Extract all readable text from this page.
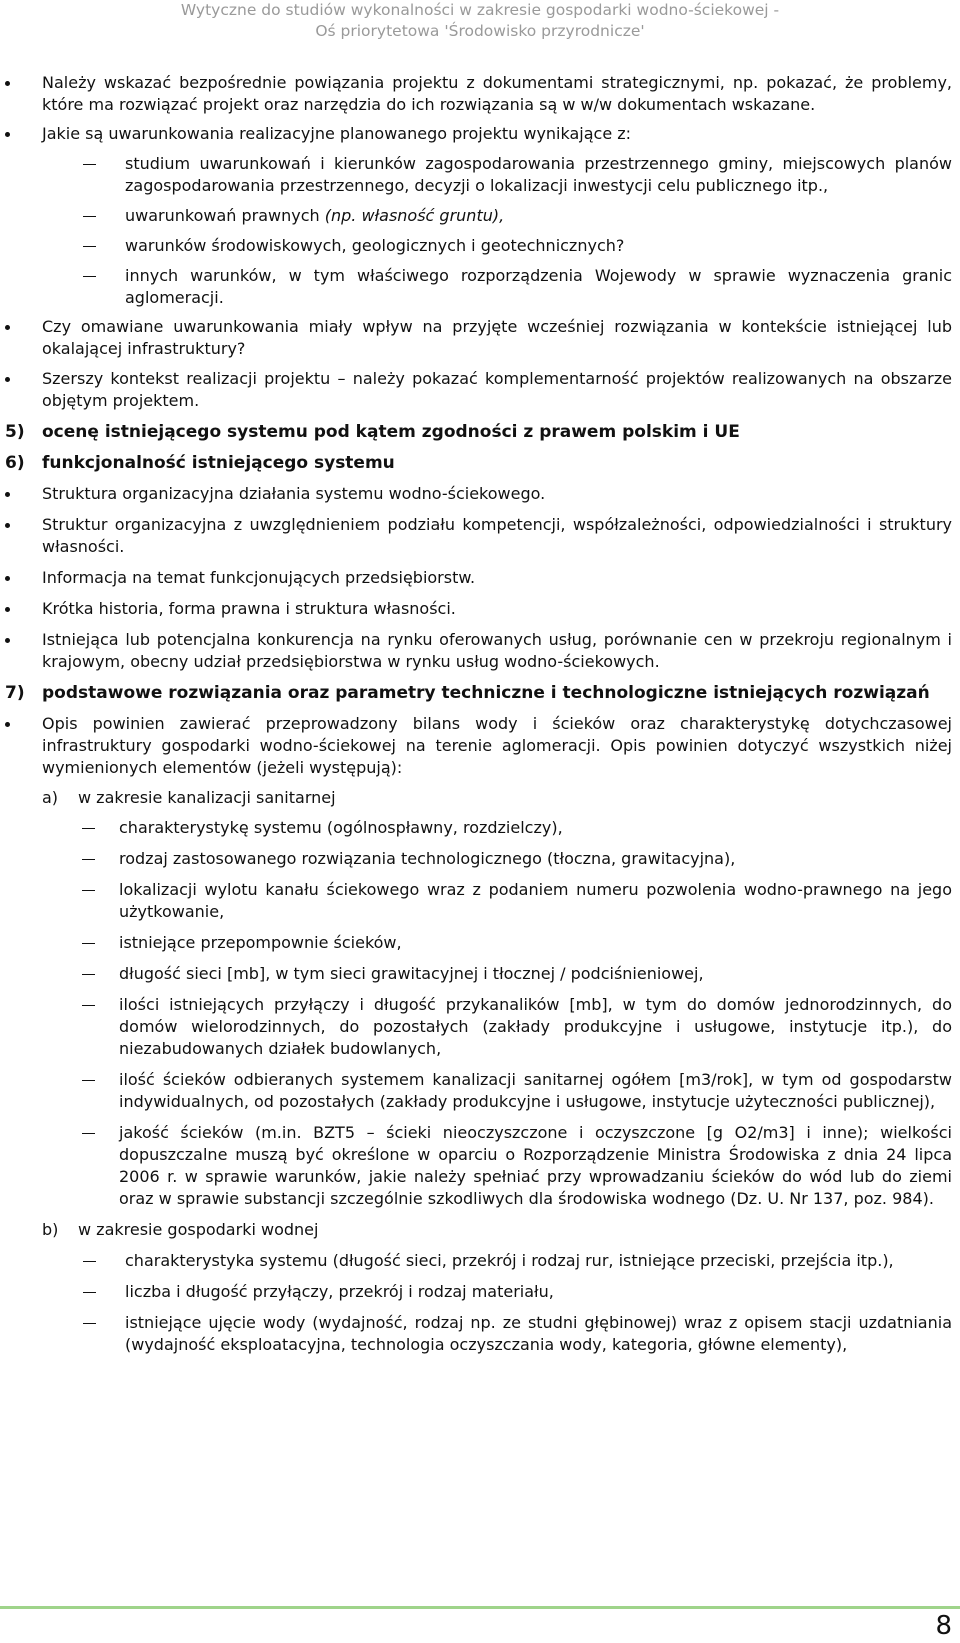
Wytyczne do studiów wykonalności w zakresie gospodarki wodno-ściekowej -
Oś priorytetowa 'Środowisko przyrodnicze'
Należy wskazać bezpośrednie powiązania projektu z dokumentami strategicznymi, np. pokazać, że problemy, które ma rozwiązać projekt oraz narzędzia do ich rozwiązania są w w/w dokumentach wskazane.
Jakie są uwarunkowania realizacyjne planowanego projektu wynikające z:
studium uwarunkowań i kierunków zagospodarowania przestrzennego gminy, miejscowych planów zagospodarowania przestrzennego, decyzji o lokalizacji inwestycji celu publicznego itp.,
uwarunkowań prawnych (np. własność gruntu),
warunków środowiskowych, geologicznych i geotechnicznych?
innych warunków, w tym właściwego rozporządzenia Wojewody w sprawie wyznaczenia granic aglomeracji.
Czy omawiane uwarunkowania miały wpływ na przyjęte wcześniej rozwiązania w kontekście istniejącej lub okalającej infrastruktury?
Szerszy kontekst realizacji projektu – należy pokazać komplementarność projektów realizowanych na obszarze objętym projektem.
5) ocenę istniejącego systemu pod kątem zgodności z prawem polskim i UE
6) funkcjonalność istniejącego systemu
Struktura organizacyjna działania systemu wodno-ściekowego.
Struktur organizacyjna z uwzględnieniem podziału kompetencji, współzależności, odpowiedzialności i struktury własności.
Informacja na temat funkcjonujących przedsiębiorstw.
Krótka historia, forma prawna i struktura własności.
Istniejąca lub potencjalna konkurencja na rynku oferowanych usług, porównanie cen w przekroju regionalnym i krajowym, obecny udział przedsiębiorstwa w rynku usług wodno-ściekowych.
7) podstawowe rozwiązania oraz parametry techniczne i technologiczne istniejących rozwiązań
Opis powinien zawierać przeprowadzony bilans wody i ścieków oraz charakterystykę dotychczasowej infrastruktury gospodarki wodno-ściekowej na terenie aglomeracji. Opis powinien dotyczyć wszystkich niżej wymienionych elementów (jeżeli występują):
a) w zakresie kanalizacji sanitarnej
charakterystykę systemu (ogólnospławny, rozdzielczy),
rodzaj zastosowanego rozwiązania technologicznego (tłoczna, grawitacyjna),
lokalizacji wylotu kanału ściekowego wraz z podaniem numeru pozwolenia wodno-prawnego na jego użytkowanie,
istniejące przepompownie ścieków,
długość sieci [mb], w tym sieci grawitacyjnej i tłocznej / podciśnieniowej,
ilości istniejących przyłączy i długość przykanalików [mb], w tym do domów jednorodzinnych, do domów wielorodzinnych, do pozostałych (zakłady produkcyjne i usługowe, instytucje itp.), do niezabudowanych działek budowlanych,
ilość ścieków odbieranych systemem kanalizacji sanitarnej ogółem [m3/rok], w tym od gospodarstw indywidualnych, od pozostałych (zakłady produkcyjne i usługowe, instytucje użyteczności publicznej),
jakość ścieków (m.in. BZT5 – ścieki nieoczyszczone i oczyszczone [g O2/m3] i inne); wielkości dopuszczalne muszą być określone w oparciu o Rozporządzenie Ministra Środowiska z dnia 24 lipca 2006 r. w sprawie warunków, jakie należy spełniać przy wprowadzaniu ścieków do wód lub do ziemi oraz w sprawie substancji szczególnie szkodliwych dla środowiska wodnego (Dz. U. Nr 137, poz. 984).
b) w zakresie gospodarki wodnej
charakterystyka systemu (długość sieci, przekrój i rodzaj rur, istniejące przeciski, przejścia itp.),
liczba i długość przyłączy, przekrój i rodzaj materiału,
istniejące ujęcie wody (wydajność, rodzaj np. ze studni głębinowej) wraz z opisem stacji uzdatniania (wydajność eksploatacyjna, technologia oczyszczania wody, kategoria, główne elementy),
8
